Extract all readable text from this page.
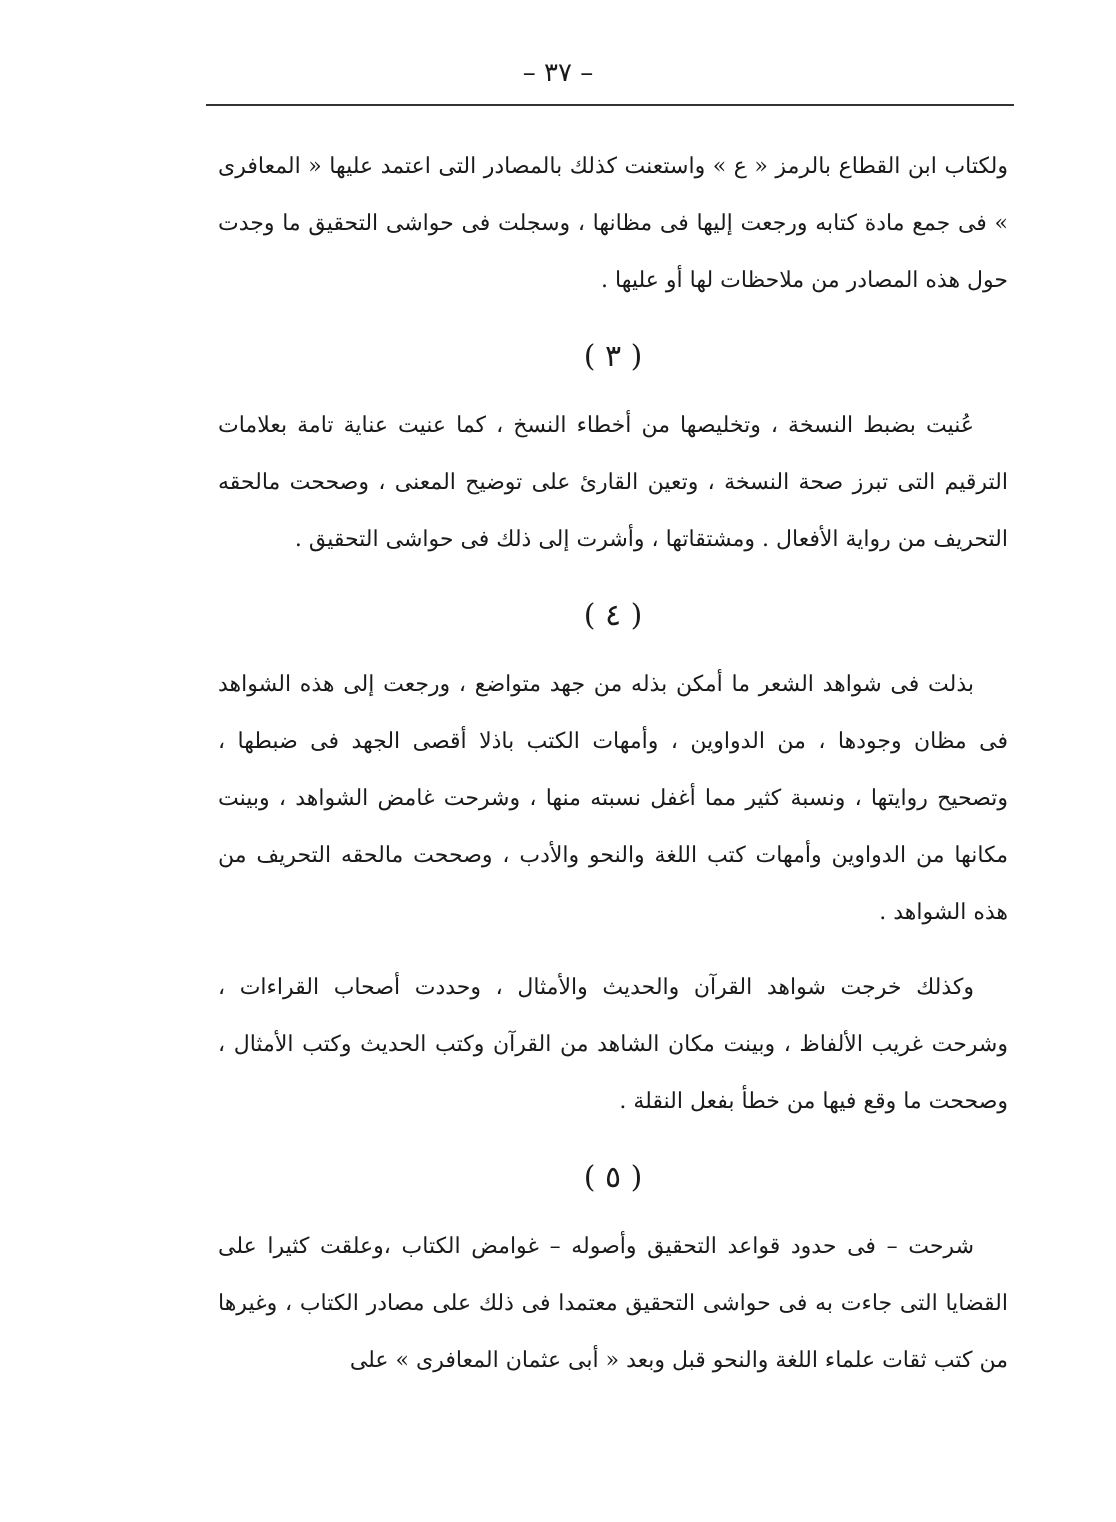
– ٣٧ –

ولكتاب ابن القطاع بالرمز « ع » واستعنت كذلك بالمصادر التى اعتمد عليها « المعافرى » فى جمع مادة كتابه ورجعت إليها فى مظانها ، وسجلت فى حواشى التحقيق ما وجدت حول هذه المصادر من ملاحظات لها أو عليها .

( ٣ )

عُنيت بضبط النسخة ، وتخليصها من أخطاء النسخ ، كما عنيت عناية تامة بعلامات الترقيم التى تبرز صحة النسخة ، وتعين القارئ على توضيح المعنى ، وصححت مالحقه التحريف من رواية الأفعال . ومشتقاتها ، وأشرت إلى ذلك فى حواشى التحقيق .

( ٤ )

بذلت فى شواهد الشعر ما أمكن بذله من جهد متواضع ، ورجعت إلى هذه الشواهد فى مظان وجودها ، من الدواوين ، وأمهات الكتب باذلا أقصى الجهد فى ضبطها ، وتصحيح روايتها ، ونسبة كثير مما أغفل نسبته منها ، وشرحت غامض الشواهد ، وبينت مكانها من الدواوين وأمهات كتب اللغة والنحو والأدب ، وصححت مالحقه التحريف من هذه الشواهد .

وكذلك خرجت شواهد القرآن والحديث والأمثال ، وحددت أصحاب القراءات ، وشرحت غريب الألفاظ ، وبينت مكان الشاهد من القرآن وكتب الحديث وكتب الأمثال ، وصححت ما وقع فيها من خطأ بفعل النقلة .

( ٥ )

شرحت – فى حدود قواعد التحقيق وأصوله – غوامض الكتاب ،وعلقت كثيرا على القضايا التى جاءت به فى حواشى التحقيق معتمدا فى ذلك على مصادر الكتاب ، وغيرها من كتب ثقات علماء اللغة والنحو قبل وبعد « أبى عثمان المعافرى » على
